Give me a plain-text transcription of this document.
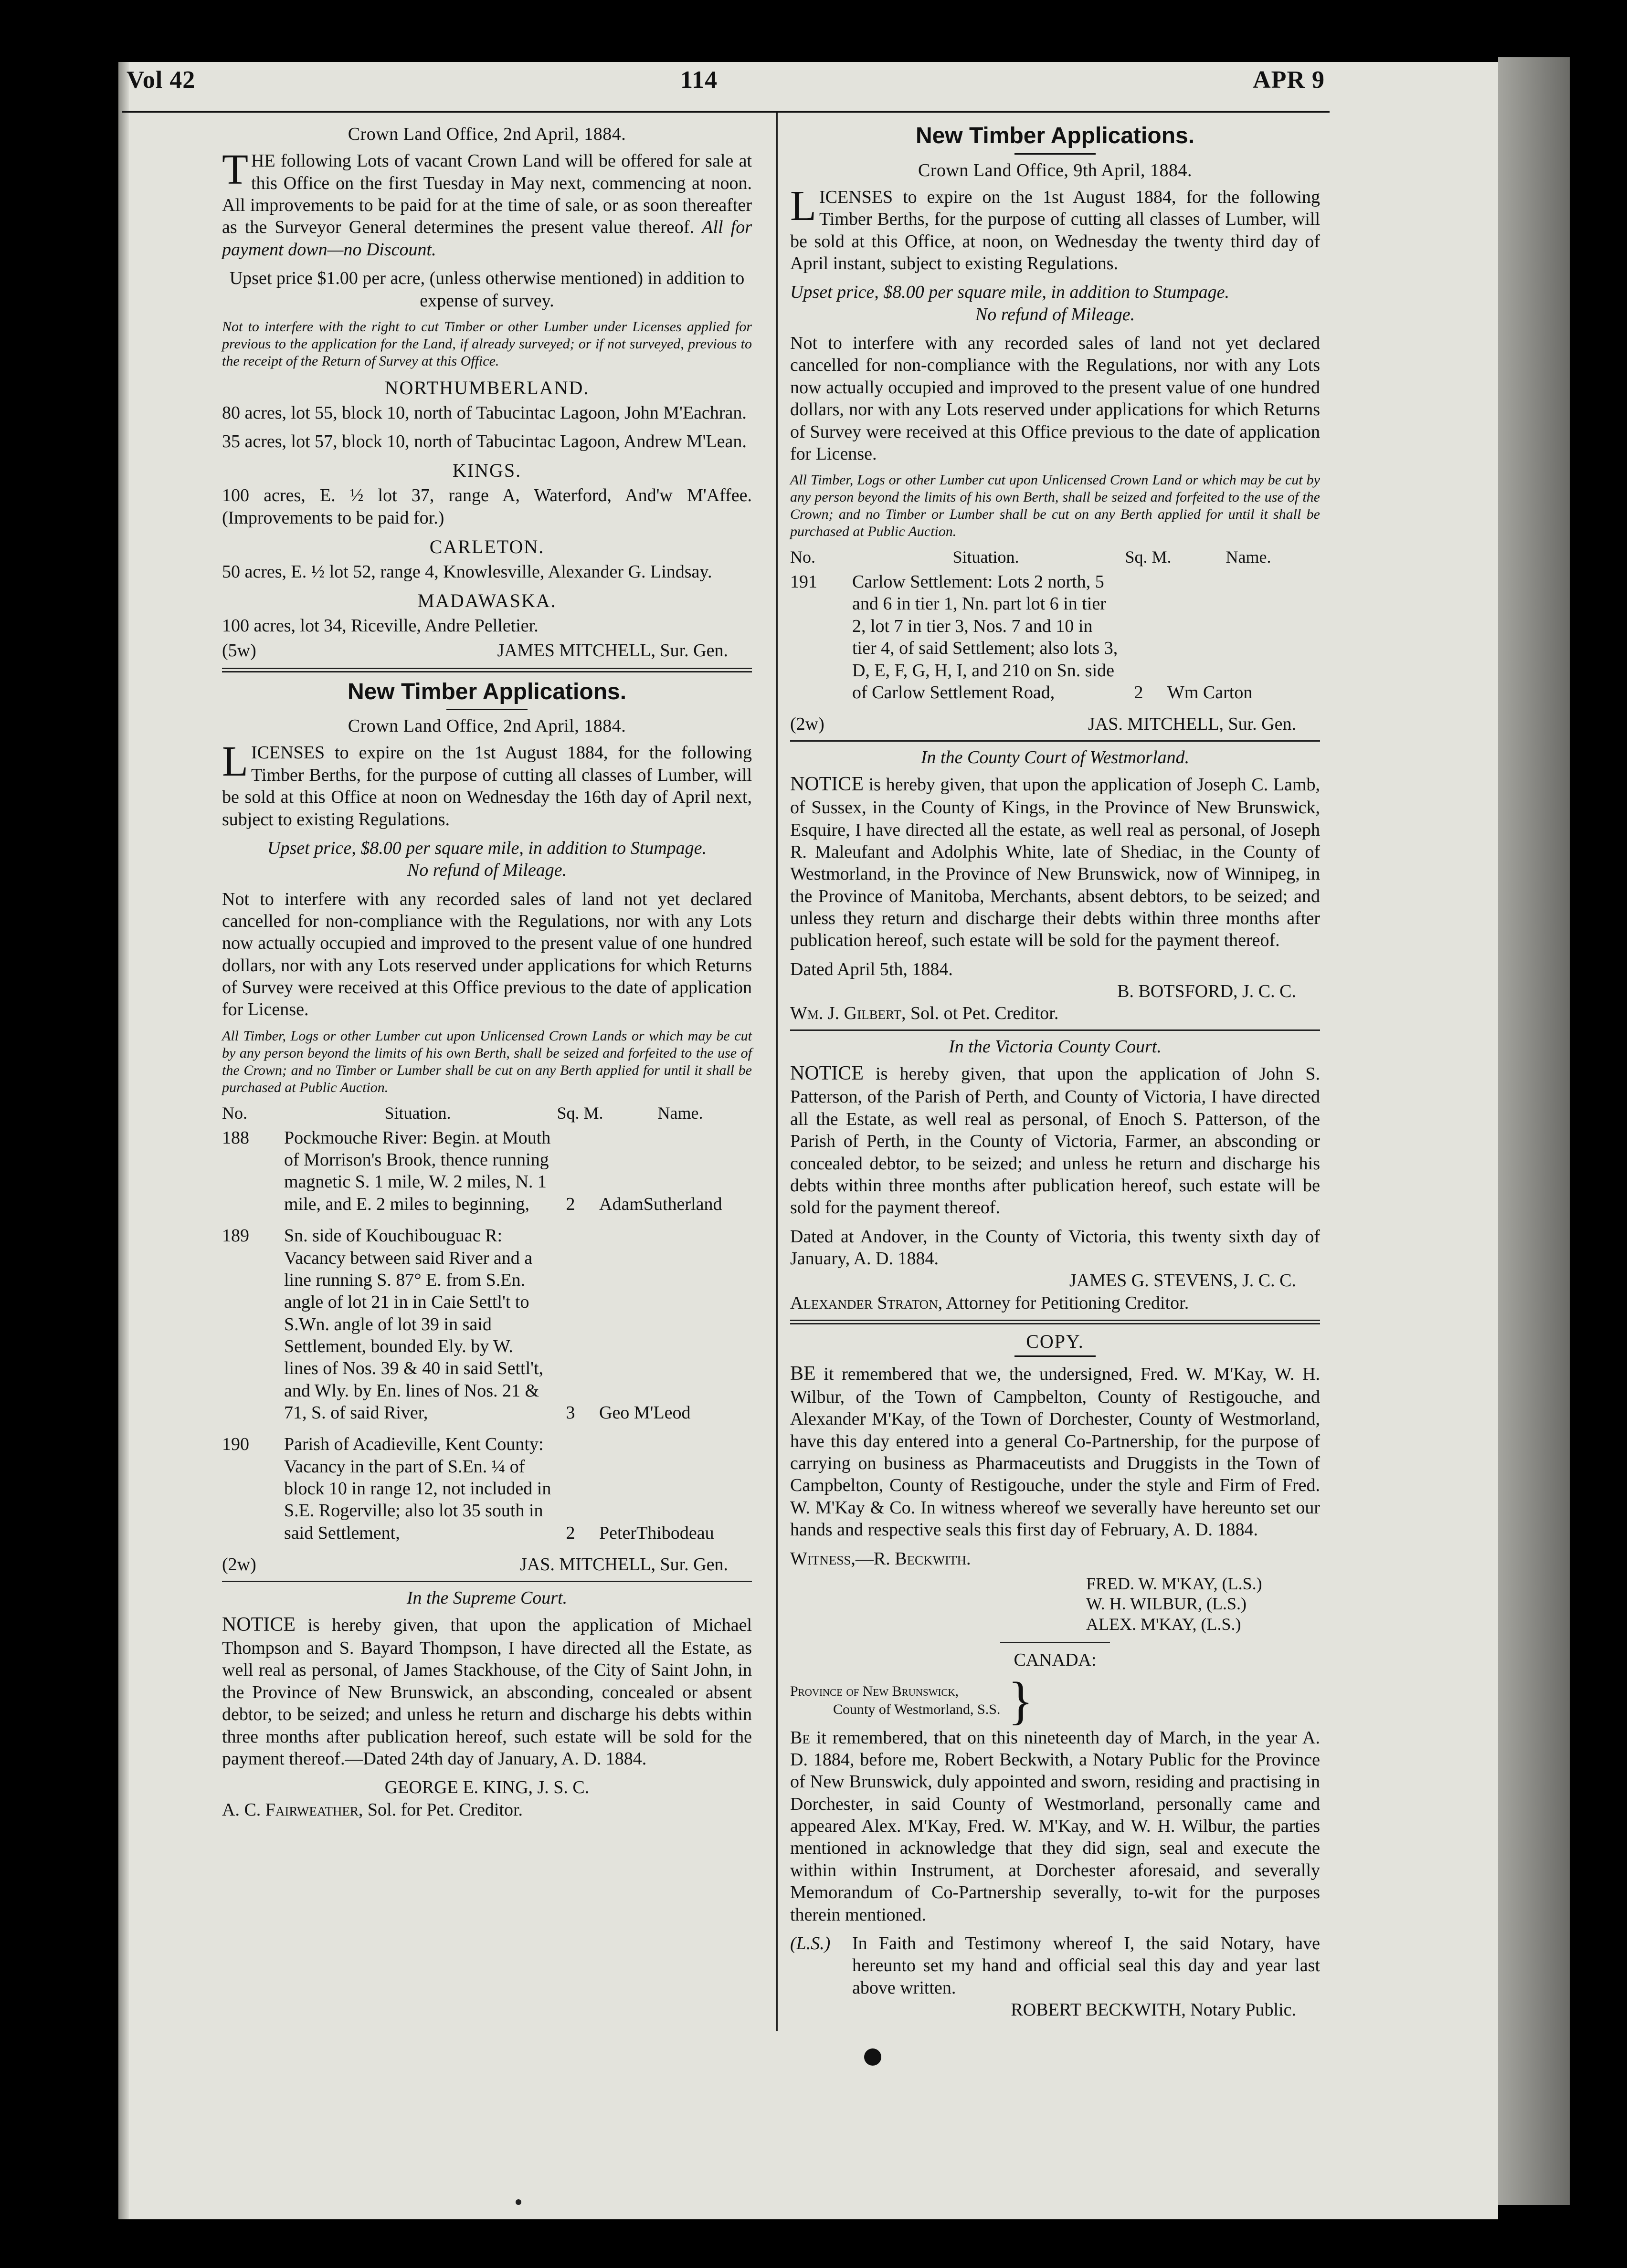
Vol 42	114	APR 9

Crown Land Office, 2nd April, 1884.

THE following Lots of vacant Crown Land will be offered for sale at this Office on the first Tuesday in May next, commencing at noon. All improvements to be paid for at the time of sale, or as soon thereafter as the Surveyor General determines the present value thereof. All for payment down—no Discount.

Upset price $1.00 per acre, (unless otherwise mentioned) in addition to expense of survey.

Not to interfere with the right to cut Timber or other Lumber under Licenses applied for previous to the application for the Land, if already surveyed; or if not surveyed, previous to the receipt of the Return of Survey at this Office.

NORTHUMBERLAND.

80 acres, lot 55, block 10, north of Tabucintac Lagoon, John M'Eachran.

35 acres, lot 57, block 10, north of Tabucintac Lagoon, Andrew M'Lean.

KINGS.

100 acres, E. ½ lot 37, range A, Waterford, And'w M'Affee. (Improvements to be paid for.)

CARLETON.

50 acres, E. ½ lot 52, range 4, Knowlesville, Alexander G. Lindsay.

MADAWASKA.

100 acres, lot 34, Riceville, Andre Pelletier.

(5w)	JAMES MITCHELL, Sur. Gen.

New Timber Applications.

Crown Land Office, 2nd April, 1884.

LICENSES to expire on the 1st August 1884, for the following Timber Berths, for the purpose of cutting all classes of Lumber, will be sold at this Office at noon on Wednesday the 16th day of April next, subject to existing Regulations.

Upset price, $8.00 per square mile, in addition to Stumpage.

No refund of Mileage.

Not to interfere with any recorded sales of land not yet declared cancelled for non-compliance with the Regulations, nor with any Lots now actually occupied and improved to the present value of one hundred dollars, nor with any Lots reserved under applications for which Returns of Survey were received at this Office previous to the date of application for License.

All Timber, Logs or other Lumber cut upon Unlicensed Crown Lands or which may be cut by any person beyond the limits of his own Berth, shall be seized and forfeited to the use of the Crown; and no Timber or Lumber shall be cut on any Berth applied for until it shall be purchased at Public Auction.

No.	Situation.	Sq. M.	Name.
188	Pockmouche River: Begin. at Mouth of Morrison's Brook, thence running magnetic S. 1 mile, W. 2 miles, N. 1 mile, and E. 2 miles to beginning,	2	AdamSutherland
189	Sn. side of Kouchibouguac R: Vacancy between said River and a line running S. 87° E. from S.En. angle of lot 21 in in Caie Settl't to S.Wn. angle of lot 39 in said Settlement, bounded Ely. by W. lines of Nos. 39 & 40 in said Settl't, and Wly. by En. lines of Nos. 21 & 71, S. of said River,	3	Geo M'Leod
190	Parish of Acadieville, Kent County: Vacancy in the part of S.En. ¼ of block 10 in range 12, not included in S.E. Rogerville; also lot 35 south in said Settlement,	2	PeterThibodeau
(2w)	JAS. MITCHELL, Sur. Gen.

In the Supreme Court.

NOTICE is hereby given, that upon the application of Michael Thompson and S. Bayard Thompson, I have directed all the Estate, as well real as personal, of James Stackhouse, of the City of Saint John, in the Province of New Brunswick, an absconding, concealed or absent debtor, to be seized; and unless he return and discharge his debts within three months after publication hereof, such estate will be sold for the payment thereof.—Dated 24th day of January, A. D. 1884.

GEORGE E. KING, J. S. C.

A. C. Fairweather, Sol. for Pet. Creditor.

New Timber Applications.

Crown Land Office, 9th April, 1884.

LICENSES to expire on the 1st August 1884, for the following Timber Berths, for the purpose of cutting all classes of Lumber, will be sold at this Office, at noon, on Wednesday the twenty third day of April instant, subject to existing Regulations.

Upset price, $8.00 per square mile, in addition to Stumpage.

No refund of Mileage.

Not to interfere with any recorded sales of land not yet declared cancelled for non-compliance with the Regulations, nor with any Lots now actually occupied and improved to the present value of one hundred dollars, nor with any Lots reserved under applications for which Returns of Survey were received at this Office previous to the date of application for License.

All Timber, Logs or other Lumber cut upon Unlicensed Crown Land or which may be cut by any person beyond the limits of his own Berth, shall be seized and forfeited to the use of the Crown; and no Timber or Lumber shall be cut on any Berth applied for until it shall be purchased at Public Auction.

No.	Situation.	Sq. M.	Name.
191	Carlow Settlement: Lots 2 north, 5 and 6 in tier 1, Nn. part lot 6 in tier 2, lot 7 in tier 3, Nos. 7 and 10 in tier 4, of said Settlement; also lots 3, D, E, F, G, H, I, and 210 on Sn. side of Carlow Settlement Road,	2	Wm Carton
(2w)	JAS. MITCHELL, Sur. Gen.

In the County Court of Westmorland.

NOTICE is hereby given, that upon the application of Joseph C. Lamb, of Sussex, in the County of Kings, in the Province of New Brunswick, Esquire, I have directed all the estate, as well real as personal, of Joseph R. Maleufant and Adolphis White, late of Shediac, in the County of Westmorland, in the Province of New Brunswick, now of Winnipeg, in the Province of Manitoba, Merchants, absent debtors, to be seized; and unless they return and discharge their debts within three months after publication hereof, such estate will be sold for the payment thereof.

Dated April 5th, 1884.

B. BOTSFORD, J. C. C.

Wm. J. Gilbert, Sol. ot Pet. Creditor.

In the Victoria County Court.

NOTICE is hereby given, that upon the application of John S. Patterson, of the Parish of Perth, and County of Victoria, I have directed all the Estate, as well real as personal, of Enoch S. Patterson, of the Parish of Perth, in the County of Victoria, Farmer, an absconding or concealed debtor, to be seized; and unless he return and discharge his debts within three months after publication hereof, such estate will be sold for the payment thereof.

Dated at Andover, in the County of Victoria, this twenty sixth day of January, A. D. 1884.

JAMES G. STEVENS, J. C. C.

Alexander Straton, Attorney for Petitioning Creditor.

COPY.

BE it remembered that we, the undersigned, Fred. W. M'Kay, W. H. Wilbur, of the Town of Campbelton, County of Restigouche, and Alexander M'Kay, of the Town of Dorchester, County of Westmorland, have this day entered into a general Co-Partnership, for the purpose of carrying on business as Pharmaceutists and Druggists in the Town of Campbelton, County of Restigouche, under the style and Firm of Fred. W. M'Kay & Co. In witness whereof we severally have hereunto set our hands and respective seals this first day of February, A. D. 1884.

Witness,—R. Beckwith.

FRED. W. M'KAY, (L.S.)

W. H. WILBUR, (L.S.)

ALEX. M'KAY, (L.S.)

CANADA:

Province of New Brunswick,

County of Westmorland, S.S. }

Be it remembered, that on this nineteenth day of March, in the year A. D. 1884, before me, Robert Beckwith, a Notary Public for the Province of New Brunswick, duly appointed and sworn, residing and practising in Dorchester, in said County of Westmorland, personally came and appeared Alex. M'Kay, Fred. W. M'Kay, and W. H. Wilbur, the parties mentioned in acknowledge that they did sign, seal and execute the within within Instrument, at Dorchester aforesaid, and severally Memorandum of Co-Partnership severally, to-wit for the purposes therein mentioned.

(L.S.)	In Faith and Testimony whereof I, the said Notary, have hereunto set my hand and official seal this day and year last above written.

ROBERT BECKWITH, Notary Public.
